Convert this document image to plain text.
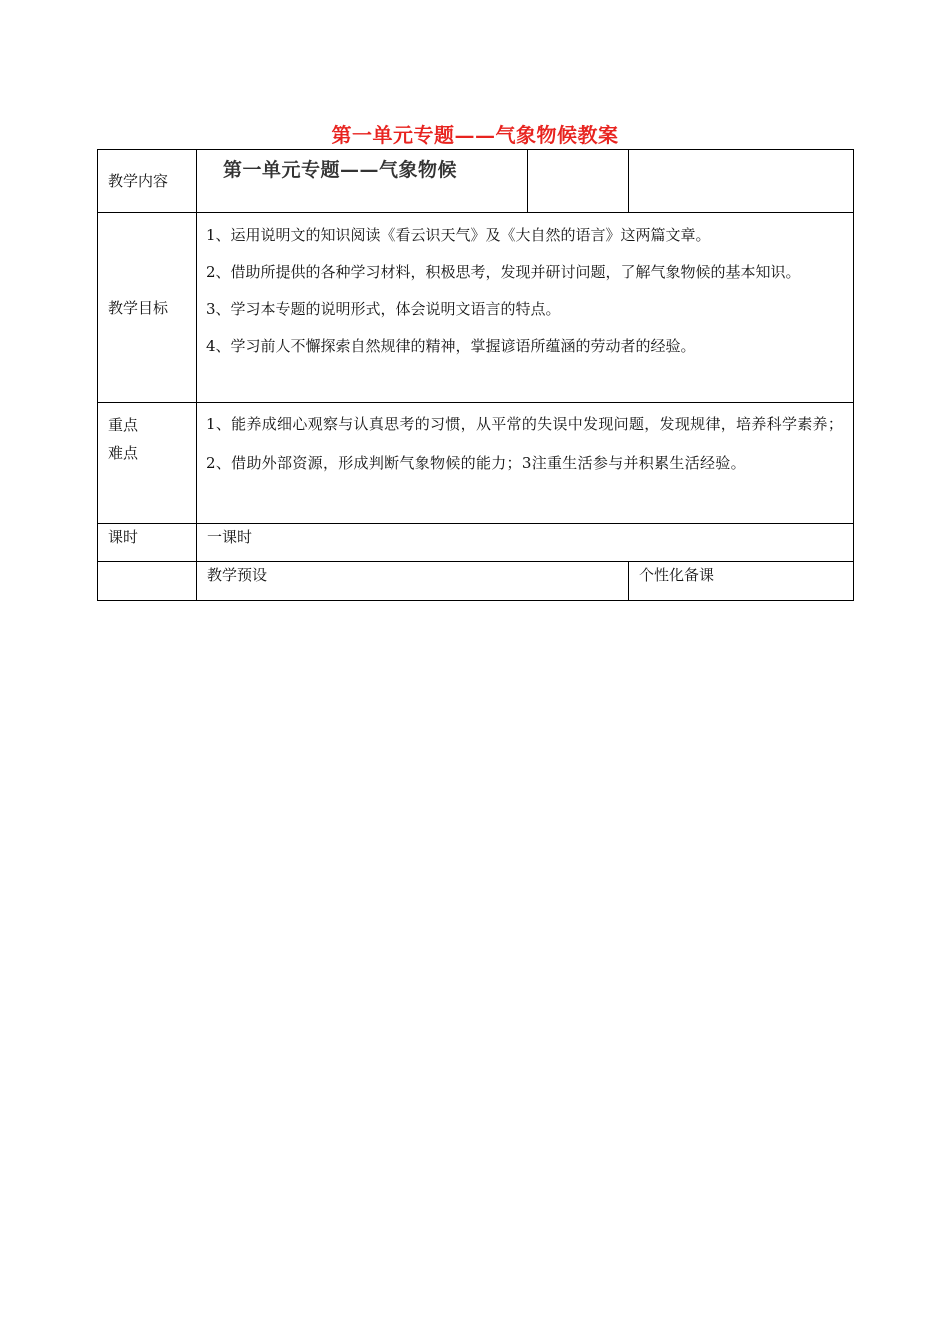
第一单元专题——气象物候教案
教学内容	第一单元专题——气象物候		
教学目标	1、运用说明文的知识阅读《看云识天气》及《大自然的语言》这两篇文章。
2、借助所提供的各种学习材料，积极思考，发现并研讨问题，了解气象物候的基本知识。
3、学习本专题的说明形式，体会说明文语言的特点。
4、学习前人不懈探索自然规律的精神，掌握谚语所蕴涵的劳动者的经验。		

重点
难点	1、能养成细心观察与认真思考的习惯，从平常的失误中发现问题，发现规律，培养科学素养；2、借助外部资源，形成判断气象物候的能力；3注重生活参与并积累生活经验。		

课时	一课时		
	教学预设		个性化备课
